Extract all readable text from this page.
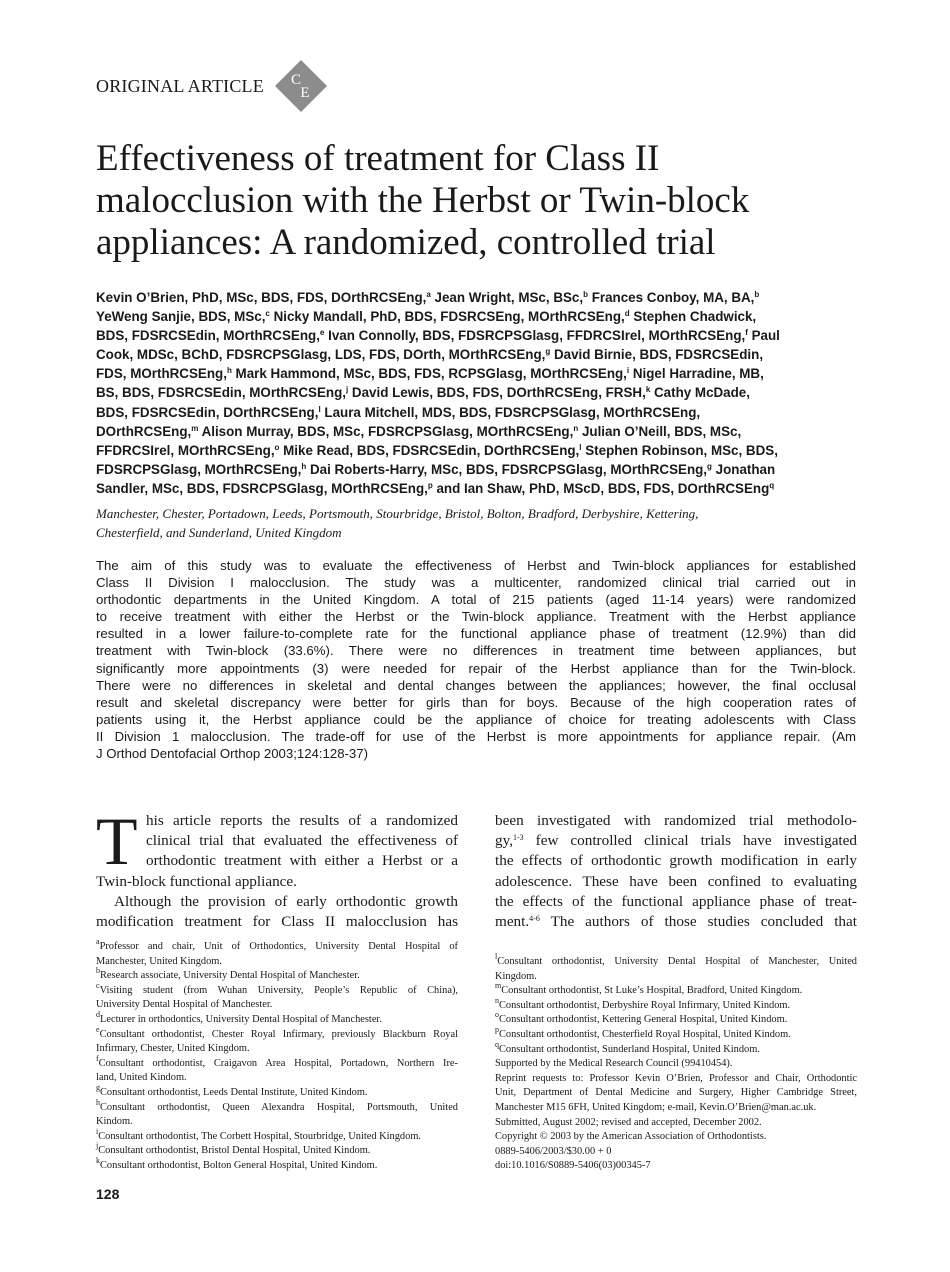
ORIGINAL ARTICLE C
E
Effectiveness of treatment for Class II
malocclusion with the Herbst or Twin-block
appliances: A randomized, controlled trial
Kevin O’Brien, PhD, MSc, BDS, FDS, DOrthRCSEng,$^a$ Jean Wright, MSc, BSc,$^b$ Frances Conboy, MA, BA,$^b$
YeWeng Sanjie, BDS, MSc,$^c$ Nicky Mandall, PhD, BDS, FDSRCSEng, MOrthRCSEng,$^d$ Stephen Chadwick,
BDS, FDSRCSEdin, MOrthRCSEng,$^e$ Ivan Connolly, BDS, FDSRCPSGlasg, FFDRCSIrel, MOrthRCSEng,$^f$ Paul
Cook, MDSc, BChD, FDSRCPSGlasg, LDS, FDS, DOrth, MOrthRCSEng,$^g$ David Birnie, BDS, FDSRCSEdin,
FDS, MOrthRCSEng,$^h$ Mark Hammond, MSc, BDS, FDS, RCPSGlasg, MOrthRCSEng,$^i$ Nigel Harradine, MB,
BS, BDS, FDSRCSEdin, MOrthRCSEng,$^j$ David Lewis, BDS, FDS, DOrthRCSEng, FRSH,$^k$ Cathy McDade,
BDS, FDSRCSEdin, DOrthRCSEng,$^l$ Laura Mitchell, MDS, BDS, FDSRCPSGlasg, MOrthRCSEng,
DOrthRCSEng,$^m$ Alison Murray, BDS, MSc, FDSRCPSGlasg, MOrthRCSEng,$^n$ Julian O’Neill, BDS, MSc,
FFDRCSIrel, MOrthRCSEng,$^o$ Mike Read, BDS, FDSRCSEdin, DOrthRCSEng,$^l$ Stephen Robinson, MSc, BDS,
FDSRCPSGlasg, MOrthRCSEng,$^h$ Dai Roberts-Harry, MSc, BDS, FDSRCPSGlasg, MOrthRCSEng,$^g$ Jonathan
Sandler, MSc, BDS, FDSRCPSGlasg, MOrthRCSEng,$^p$ and Ian Shaw, PhD, MScD, BDS, FDS, DOrthRCSEng$^q$
Manchester, Chester, Portadown, Leeds, Portsmouth, Stourbridge, Bristol, Bolton, Bradford, Derbyshire, Kettering,
Chesterfield, and Sunderland, United Kingdom
The aim of this study was to evaluate the effectiveness of Herbst and Twin-block appliances for established
Class II Division I malocclusion. The study was a multicenter, randomized clinical trial carried out in
orthodontic departments in the United Kingdom. A total of 215 patients (aged 11-14 years) were randomized
to receive treatment with either the Herbst or the Twin-block appliance. Treatment with the Herbst appliance
resulted in a lower failure-to-complete rate for the functional appliance phase of treatment (12.9%) than did
treatment with Twin-block (33.6%). There were no differences in treatment time between appliances, but
significantly more appointments (3) were needed for repair of the Herbst appliance than for the Twin-block.
There were no differences in skeletal and dental changes between the appliances; however, the final occlusal
result and skeletal discrepancy were better for girls than for boys. Because of the high cooperation rates of
patients using it, the Herbst appliance could be the appliance of choice for treating adolescents with Class
II Division 1 malocclusion. The trade-off for use of the Herbst is more appointments for appliance repair. (Am
J Orthod Dentofacial Orthop 2003;124:128-37)
T his article reports the results of a randomized
clinical trial that evaluated the effectiveness of
orthodontic treatment with either a Herbst or a
Twin-block functional appliance.
Although the provision of early orthodontic growth
modification treatment for Class II malocclusion has
been investigated with randomized trial methodolo-
gy,$^{1-3}$ few controlled clinical trials have investigated
the effects of orthodontic growth modification in early
adolescence. These have been confined to evaluating
the effects of the functional appliance phase of treat-
ment.$^{4-6}$ The authors of those studies concluded that
$^a$Professor and chair, Unit of Orthodontics, University Dental Hospital of
Manchester, United Kingdom.
$^b$Research associate, University Dental Hospital of Manchester.
$^c$Visiting student (from Wuhan University, People’s Republic of China),
University Dental Hospital of Manchester.
$^d$Lecturer in orthodontics, University Dental Hospital of Manchester.
$^e$Consultant orthodontist, Chester Royal Infirmary, previously Blackburn Royal
Infirmary, Chester, United Kingdom.
$^f$Consultant orthodontist, Craigavon Area Hospital, Portadown, Northern Ire-
land, United Kindom.
$^g$Consultant orthodontist, Leeds Dental Institute, United Kindom.
$^h$Consultant orthodontist, Queen Alexandra Hospital, Portsmouth, United
Kindom.
$^i$Consultant orthodontist, The Corbett Hospital, Stourbridge, United Kingdom.
$^j$Consultant orthodontist, Bristol Dental Hospital, United Kindom.
$^k$Consultant orthodontist, Bolton General Hospital, United Kindom.
$^l$Consultant orthodontist, University Dental Hospital of Manchester, United
Kingdom.
$^m$Consultant orthodontist, St Luke’s Hospital, Bradford, United Kingdom.
$^n$Consultant orthodontist, Derbyshire Royal Infirmary, United Kindom.
$^o$Consultant orthodontist, Kettering General Hospital, United Kindom.
$^p$Consultant orthodontist, Chesterfield Royal Hospital, United Kindom.
$^q$Consultant orthodontist, Sunderland Hospital, United Kindom.
Supported by the Medical Research Council (99410454).
Reprint requests to: Professor Kevin O’Brien, Professor and Chair, Orthodontic
Unit, Department of Dental Medicine and Surgery, Higher Cambridge Street,
Manchester M15 6FH, United Kingdom; e-mail, Kevin.O’Brien@man.ac.uk.
Submitted, August 2002; revised and accepted, December 2002.
Copyright © 2003 by the American Association of Orthodontists.
0889-5406/2003/$30.00 + 0
doi:10.1016/S0889-5406(03)00345-7
128
